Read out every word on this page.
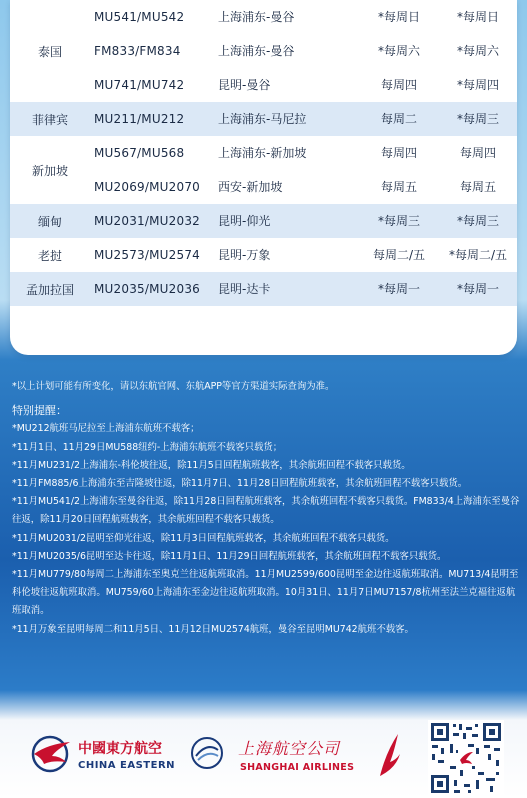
泰国
MU541/MU542	上海浦东-曼谷	*每周日	*每周日
FM833/FM834	上海浦东-曼谷	*每周六	*每周六
MU741/MU742	昆明-曼谷	每周四	*每周四
菲律宾	MU211/MU212	上海浦东-马尼拉	每周二	*每周三
新加坡
MU567/MU568	上海浦东-新加坡	每周四	每周四
MU2069/MU2070 西安-新加坡	每周五	每周五
缅甸	MU2031/MU2032 昆明-仰光	*每周三	*每周三
老挝	MU2573/MU2574 昆明-万象	每周二/五	*每周二/五
孟加拉国	MU2035/MU2036 昆明-达卡	*每周一	*每周一
*以上计划可能有所变化，请以东航官网、东航APP等官方渠道实际查询为准。
特别提醒：
*MU212航班马尼拉至上海浦东航班不载客；
*11月1日、11月29日MU588纽约-上海浦东航班不载客只载货；
*11月MU231/2上海浦东-科伦坡往返，除11月5日回程航班载客，其余航班回程不载客只载货。
*11月FM885/6上海浦东至吉隆坡往返，除11月7日、11月28日回程航班载客，其余航班回程不载客只载货。
*11月MU541/2上海浦东至曼谷往返，除11月28日回程航班载客，其余航班回程不载客只载货。FM833/4上海浦东至曼谷往返，除11月20日回程航班载客，其余航班回程不载客只载货。
*11月MU2031/2昆明至仰光往返，除11月3日回程航班载客，其余航班回程不载客只载货。
*11月MU2035/6昆明至达卡往返，除11月1日、11月29日回程航班载客，其余航班回程不载客只载货。
*11月MU779/80每周二上海浦东至奥克兰往返航班取消。11月MU2599/600昆明至金边往返航班取消。MU713/4昆明至科伦坡往返航班取消。MU759/60上海浦东至金边往返航班取消。10月31日、11月7日MU7157/8杭州至法兰克福往返航班取消。
*11月万象至昆明每周二和11月5日、11月12日MU2574航班，曼谷至昆明MU742航班不载客。
中國東方航空
CHINA EASTERN
上海航空公司
SHANGHAI AIRLINES
